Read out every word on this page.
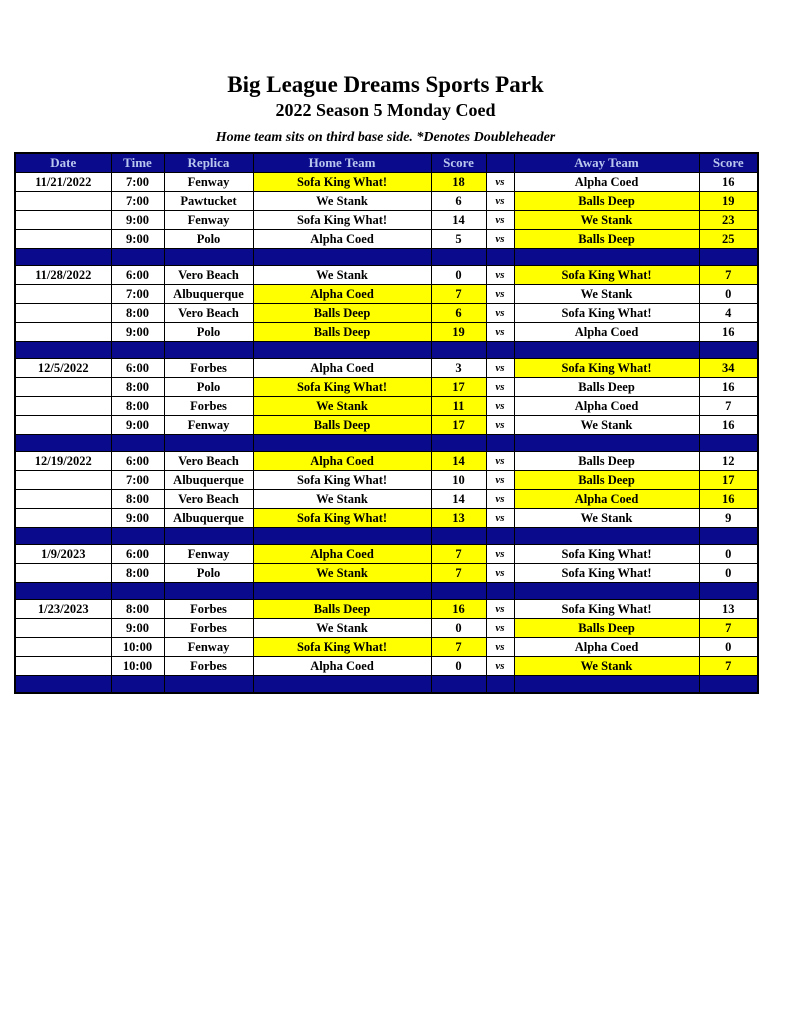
Big League Dreams Sports Park
2022 Season 5 Monday Coed
Home team sits on third base side. *Denotes Doubleheader
Date	Time	Replica	Home Team	Score		Away Team	Score
11/21/2022	7:00	Fenway	Sofa King What!	18	vs	Alpha Coed	16
	7:00	Pawtucket	We Stank	6	vs	Balls Deep	19
	9:00	Fenway	Sofa King What!	14	vs	We Stank	23
	9:00	Polo	Alpha Coed	5	vs	Balls Deep	25

11/28/2022	6:00	Vero Beach	We Stank	0	vs	Sofa King What!	7
	7:00	Albuquerque	Alpha Coed	7	vs	We Stank	0
	8:00	Vero Beach	Balls Deep	6	vs	Sofa King What!	4
	9:00	Polo	Balls Deep	19	vs	Alpha Coed	16

12/5/2022	6:00	Forbes	Alpha Coed	3	vs	Sofa King What!	34
	8:00	Polo	Sofa King What!	17	vs	Balls Deep	16
	8:00	Forbes	We Stank	11	vs	Alpha Coed	7
	9:00	Fenway	Balls Deep	17	vs	We Stank	16

12/19/2022	6:00	Vero Beach	Alpha Coed	14	vs	Balls Deep	12
	7:00	Albuquerque	Sofa King What!	10	vs	Balls Deep	17
	8:00	Vero Beach	We Stank	14	vs	Alpha Coed	16
	9:00	Albuquerque	Sofa King What!	13	vs	We Stank	9

1/9/2023	6:00	Fenway	Alpha Coed	7	vs	Sofa King What!	0
	8:00	Polo	We Stank	7	vs	Sofa King What!	0

1/23/2023	8:00	Forbes	Balls Deep	16	vs	Sofa King What!	13
	9:00	Forbes	We Stank	0	vs	Balls Deep	7
	10:00	Fenway	Sofa King What!	7	vs	Alpha Coed	0
	10:00	Forbes	Alpha Coed	0	vs	We Stank	7
